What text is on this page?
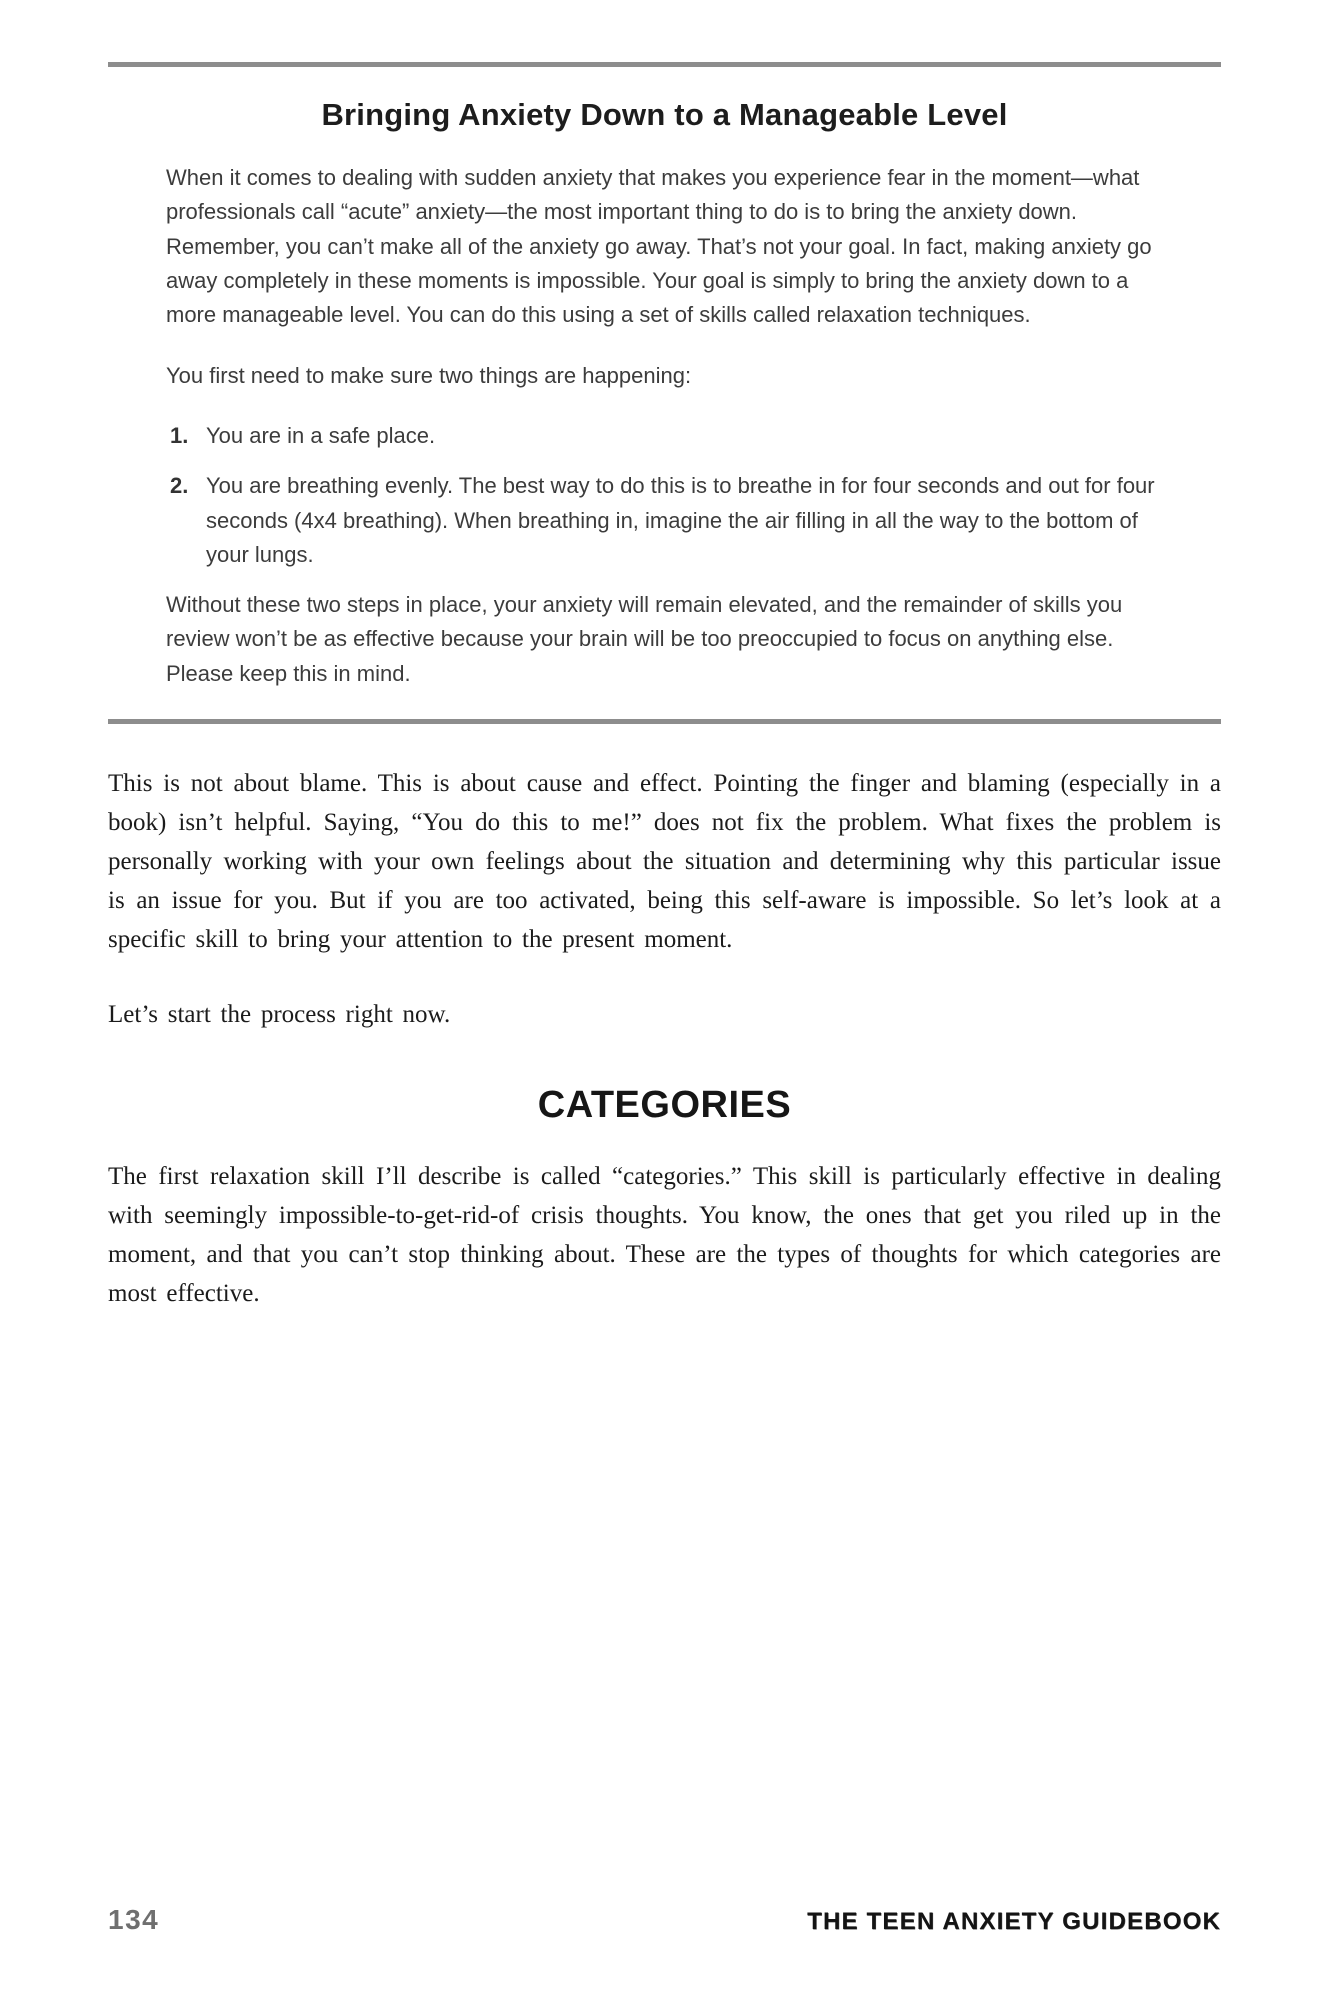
Bringing Anxiety Down to a Manageable Level

When it comes to dealing with sudden anxiety that makes you experience fear in the moment—what professionals call “acute” anxiety—the most important thing to do is to bring the anxiety down. Remember, you can’t make all of the anxiety go away. That’s not your goal. In fact, making anxiety go away completely in these moments is impossible. Your goal is simply to bring the anxiety down to a more manageable level. You can do this using a set of skills called relaxation techniques.

You first need to make sure two things are happening:

1. You are in a safe place.
2. You are breathing evenly. The best way to do this is to breathe in for four seconds and out for four seconds (4x4 breathing). When breathing in, imagine the air filling in all the way to the bottom of your lungs.

Without these two steps in place, your anxiety will remain elevated, and the remainder of skills you review won’t be as effective because your brain will be too preoccupied to focus on anything else. Please keep this in mind.

This is not about blame. This is about cause and effect. Pointing the finger and blaming (especially in a book) isn’t helpful. Saying, “You do this to me!” does not fix the problem. What fixes the problem is personally working with your own feelings about the situation and determining why this particular issue is an issue for you. But if you are too activated, being this self-aware is impossible. So let’s look at a specific skill to bring your attention to the present moment.

Let’s start the process right now.

CATEGORIES

The first relaxation skill I’ll describe is called “categories.” This skill is particularly effective in dealing with seemingly impossible-to-get-rid-of crisis thoughts. You know, the ones that get you riled up in the moment, and that you can’t stop thinking about. These are the types of thoughts for which categories are most effective.

134	THE TEEN ANXIETY GUIDEBOOK
